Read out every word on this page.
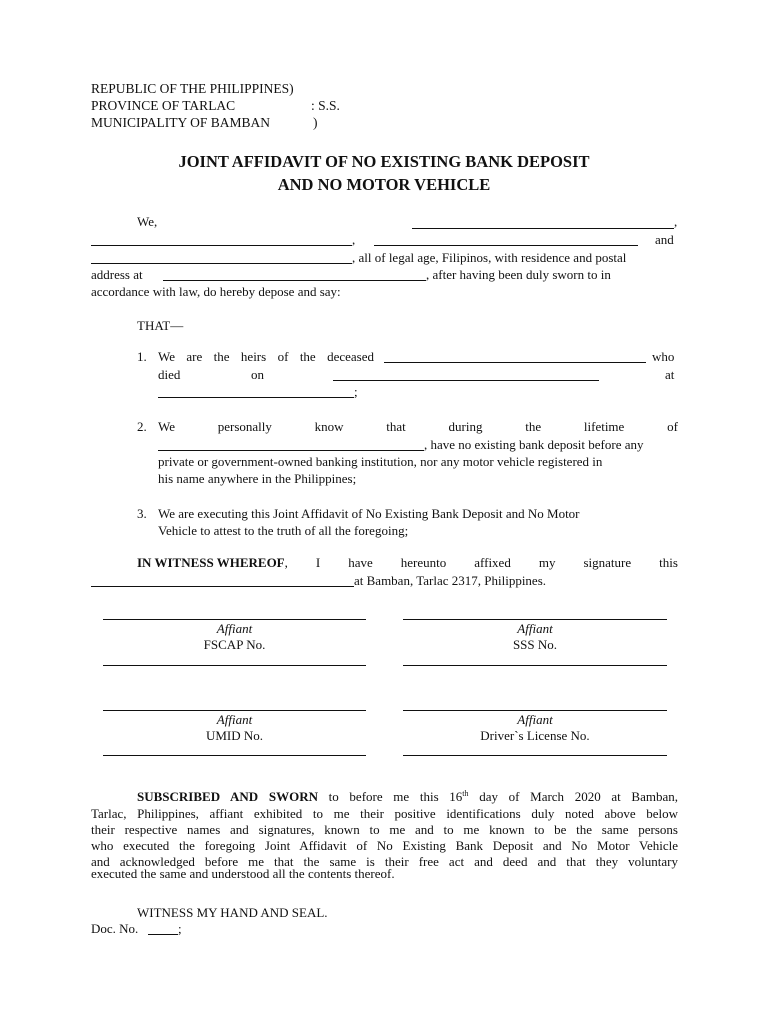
REPUBLIC OF THE PHILIPPINES)
PROVINCE OF TARLAC	: S.S.
MUNICIPALITY OF BAMBAN	)
JOINT AFFIDAVIT OF NO EXISTING BANK DEPOSIT
AND NO MOTOR VEHICLE
We,	,
,	and
, all of legal age, Filipinos, with residence and postal
address at	, after having been duly sworn to in
accordance with law, do hereby depose and say:
THAT—
1. We are the heirs of the deceased	who
died	on	at
;
2. We	personally	know	that	during	the	lifetime	of
, have no existing bank deposit before any
private or government-owned banking institution, nor any motor vehicle registered in
his name anywhere in the Philippines;
3. We are executing this Joint Affidavit of No Existing Bank Deposit and No Motor
Vehicle to attest to the truth of all the foregoing;
IN WITNESS WHEREOF, I have hereunto affixed my signature this
at Bamban, Tarlac 2317, Philippines.
Affiant	Affiant
FSCAP No.	SSS No.
Affiant	Affiant
UMID No.	Driver`s License No.
SUBSCRIBED AND SWORN to before me this 16th day of March 2020 at Bamban,
Tarlac, Philippines, affiant exhibited to me their positive identifications duly noted above below
their respective names and signatures, known to me and to me known to be the same persons
who executed the foregoing Joint Affidavit of No Existing Bank Deposit and No Motor Vehicle
and acknowledged before me that the same is their free act and deed and that they voluntary
executed the same and understood all the contents thereof.
WITNESS MY HAND AND SEAL.
Doc. No.	;
